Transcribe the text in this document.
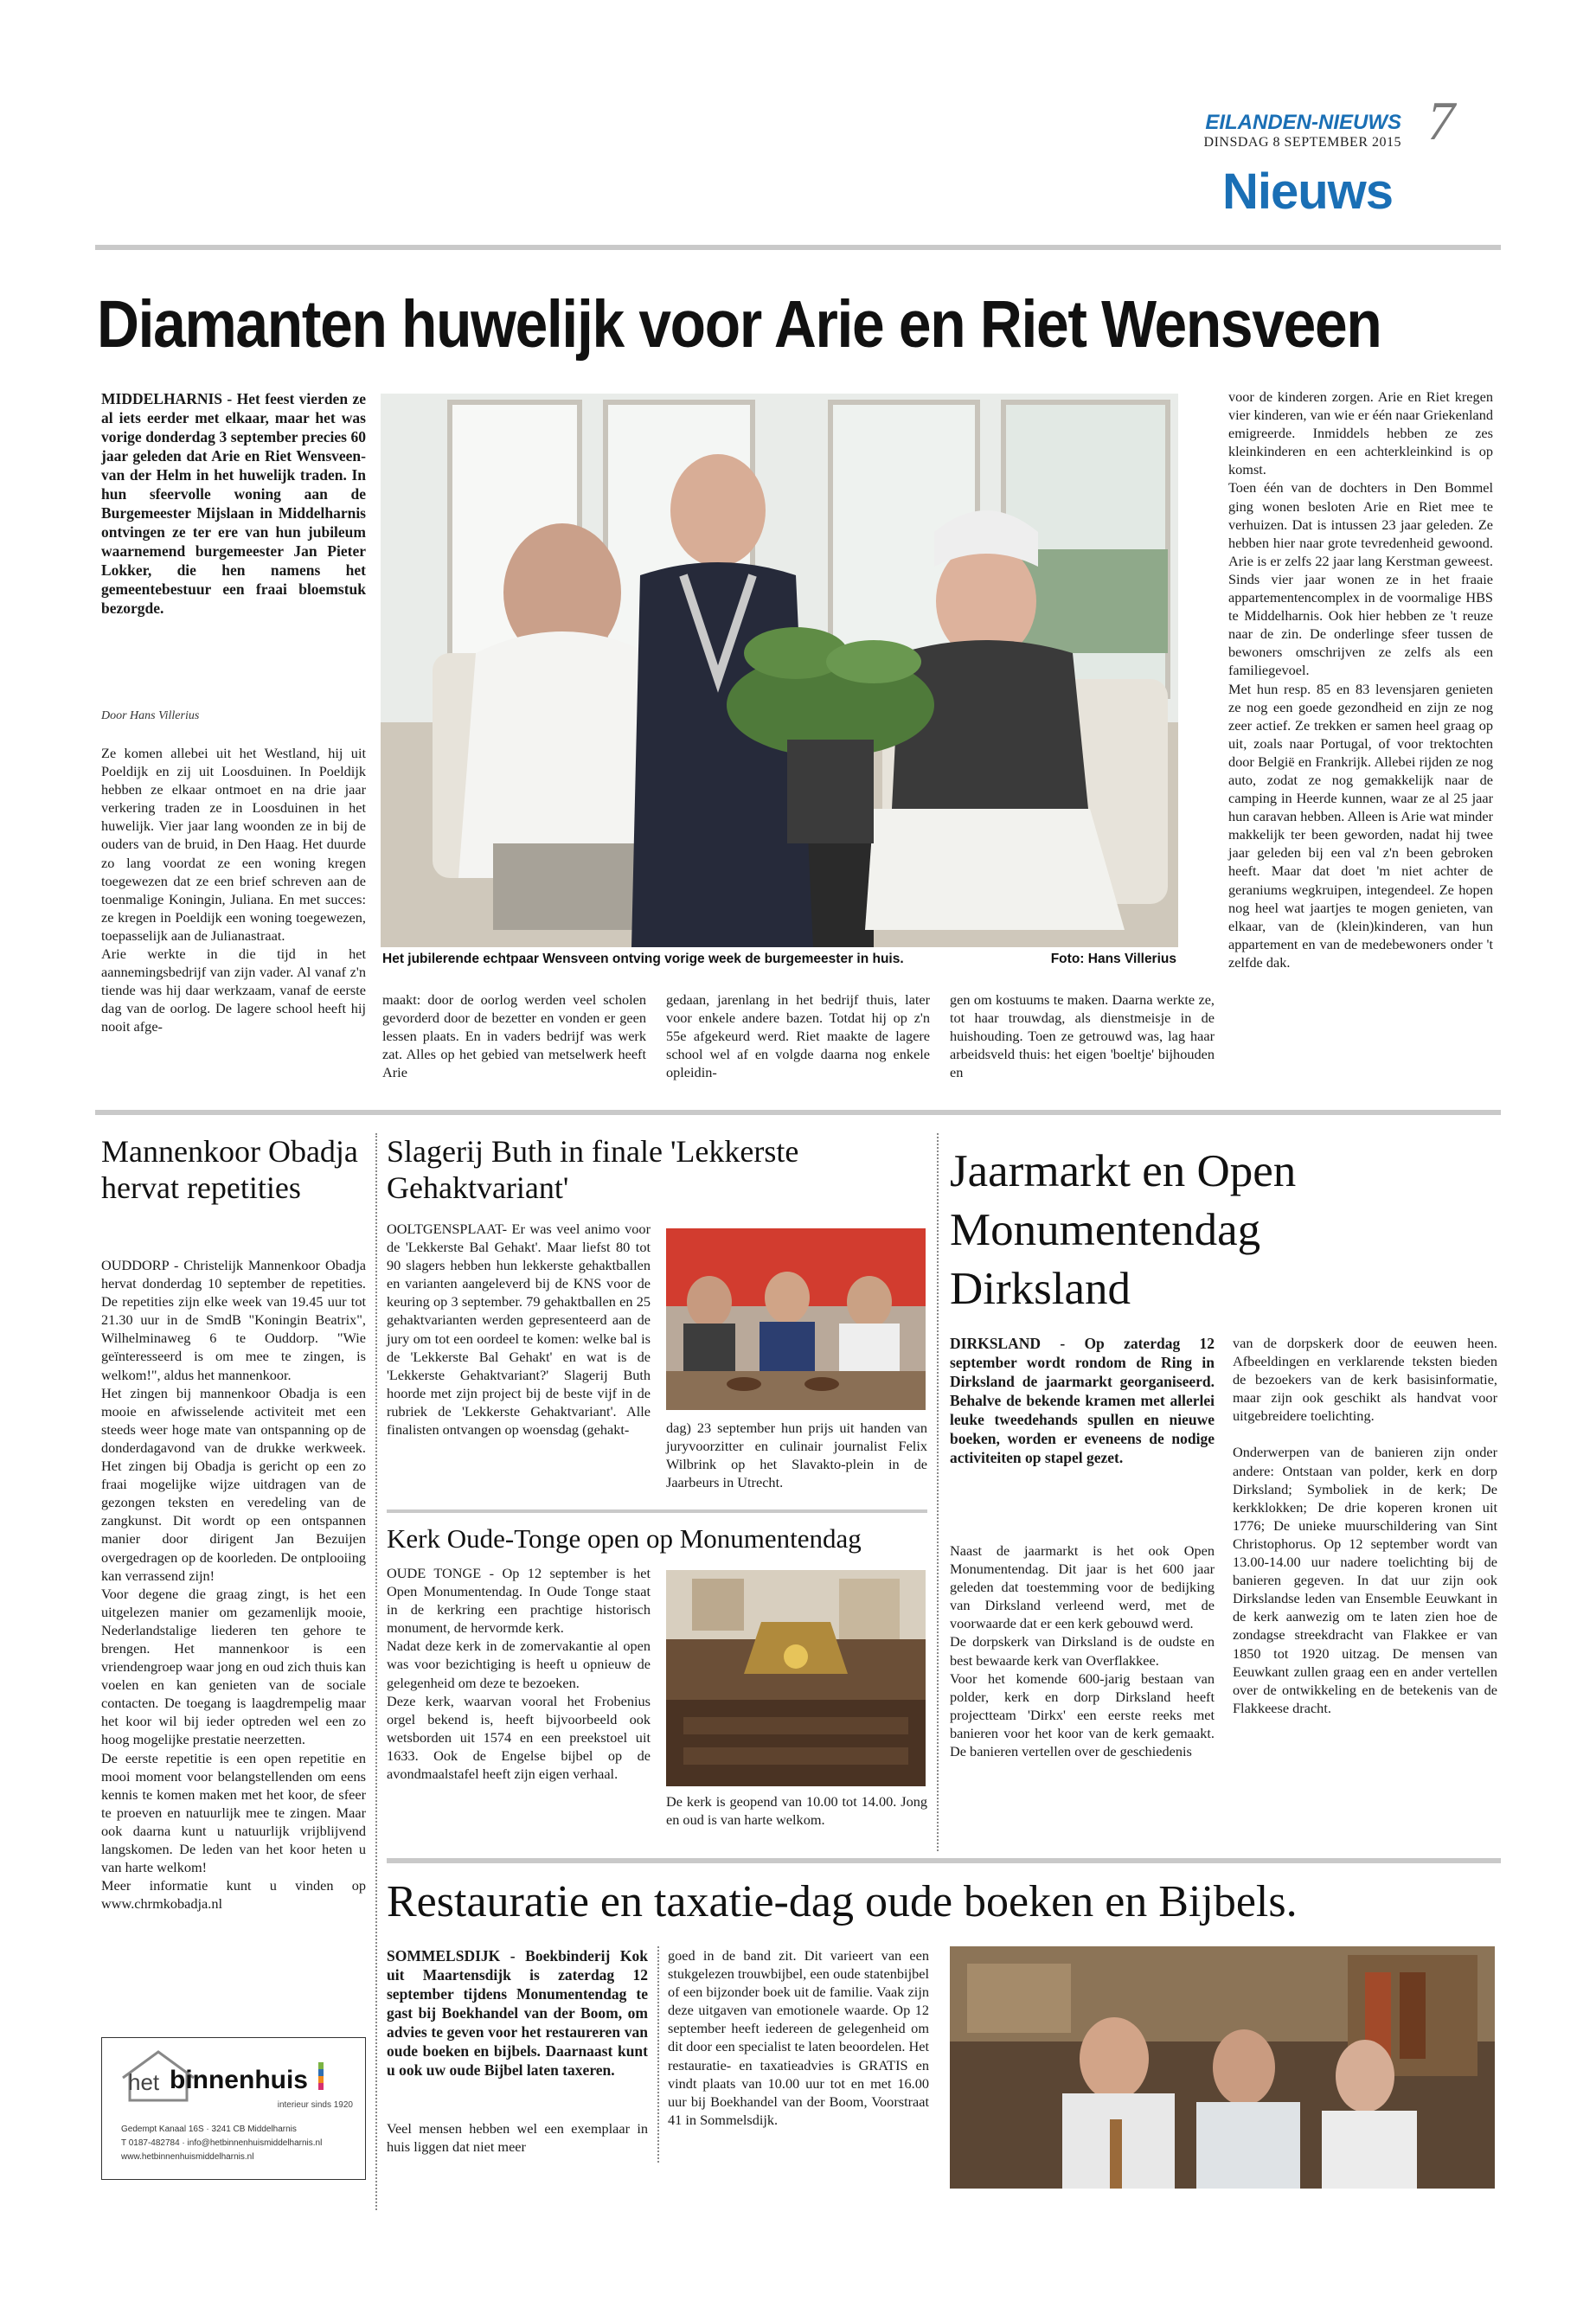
EILANDEN-NIEUWS
DINSDAG 8 SEPTEMBER 2015 7
Nieuws
Diamanten huwelijk voor Arie en Riet Wensveen
MIDDELHARNIS - Het feest vierden ze al iets eerder met elkaar, maar het was vorige donderdag 3 september precies 60 jaar geleden dat Arie en Riet Wensveen-van der Helm in het huwelijk traden. In hun sfeervolle woning aan de Burgemeester Mijslaan in Middelharnis ontvingen ze ter ere van hun jubileum waarnemend burgemeester Jan Pieter Lokker, die hen namens het gemeentebestuur een fraai bloemstuk bezorgde.
Door Hans Villerius

Ze komen allebei uit het Westland, hij uit Poeldijk en zij uit Loosduinen. In Poeldijk hebben ze elkaar ontmoet en na drie jaar verkering traden ze in Loosduinen in het huwelijk. Vier jaar lang woonden ze in bij de ouders van de bruid, in Den Haag. Het duurde zo lang voordat ze een woning kregen toegewezen dat ze een brief schreven aan de toenmalige Koningin, Juliana. En met succes: ze kregen in Poeldijk een woning toegewezen, toepasselijk aan de Julianastraat.

Arie werkte in die tijd in het aannemingsbedrijf van zijn vader. Al vanaf z'n tiende was hij daar werkzaam, vanaf de eerste dag van de oorlog. De lagere school heeft hij nooit afge-

Het jubilerende echtpaar Wensveen ontving vorige week de burgemeester in huis.	Foto: Hans Villerius
maakt: door de oorlog werden veel scholen gevorderd door de bezetter en vonden er geen lessen plaats. En in vaders bedrijf was werk zat. Alles op het gebied van metselwerk heeft Arie
gedaan, jarenlang in het bedrijf thuis, later voor enkele andere bazen. Totdat hij op z'n 55e afgekeurd werd. Riet maakte de lagere school wel af en volgde daarna nog enkele opleidin-
gen om kostuums te maken. Daarna werkte ze, tot haar trouwdag, als dienstmeisje in de huishouding. Toen ze getrouwd was, lag haar arbeidsveld thuis: het eigen 'boeltje' bijhouden en

voor de kinderen zorgen. Arie en Riet kregen vier kinderen, van wie er één naar Griekenland emigreerde. Inmiddels hebben ze zes kleinkinderen en een achterkleinkind is op komst.

Toen één van de dochters in Den Bommel ging wonen besloten Arie en Riet mee te verhuizen. Dat is intussen 23 jaar geleden. Ze hebben hier naar grote tevredenheid gewoond. Arie is er zelfs 22 jaar lang Kerstman geweest. Sinds vier jaar wonen ze in het fraaie appartementencomplex in de voormalige HBS te Middelharnis. Ook hier hebben ze 't reuze naar de zin. De onderlinge sfeer tussen de bewoners omschrijven ze zelfs als een familiegevoel.

Met hun resp. 85 en 83 levensjaren genieten ze nog een goede gezondheid en zijn ze nog zeer actief. Ze trekken er samen heel graag op uit, zoals naar Portugal, of voor trektochten door België en Frankrijk. Allebei rijden ze nog auto, zodat ze nog gemakkelijk naar de camping in Heerde kunnen, waar ze al 25 jaar hun caravan hebben. Alleen is Arie wat minder makkelijk ter been geworden, nadat hij twee jaar geleden bij een val z'n been gebroken heeft. Maar dat doet 'm niet achter de geraniums wegkruipen, integendeel. Ze hopen nog heel wat jaartjes te mogen genieten, van elkaar, van de (klein)kinderen, van hun appartement en van de medebewoners onder 't zelfde dak.

Mannenkoor Obadja hervat repetities

OUDDORP - Christelijk Mannenkoor Obadja hervat donderdag 10 september de repetities. De repetities zijn elke week van 19.45 uur tot 21.30 uur in de SmdB "Koningin Beatrix", Wilhelminaweg 6 te Ouddorp. "Wie geïnteresseerd is om mee te zingen, is welkom!", aldus het mannenkoor.

Het zingen bij mannenkoor Obadja is een mooie en afwisselende activiteit met een steeds weer hoge mate van ontspanning op de donderdagavond van de drukke werkweek. Het zingen bij Obadja is gericht op een zo fraai mogelijke wijze uitdragen van de gezongen teksten en veredeling van de zangkunst. Dit wordt op een ontspannen manier door dirigent Jan Bezuijen overgedragen op de koorleden. De ontplooiing kan verrassend zijn!

Voor degene die graag zingt, is het een uitgelezen manier om gezamenlijk mooie, Nederlandstalige liederen ten gehore te brengen. Het mannenkoor is een vriendengroep waar jong en oud zich thuis kan voelen en kan genieten van de sociale contacten. De toegang is laagdrempelig maar het koor wil bij ieder optreden wel een zo hoog mogelijke prestatie neerzetten.

De eerste repetitie is een open repetitie en mooi moment voor belangstellenden om eens kennis te komen maken met het koor, de sfeer te proeven en natuurlijk mee te zingen. Maar ook daarna kunt u natuurlijk vrijblijvend langskomen. De leden van het koor heten u van harte welkom!

Meer informatie kunt u vinden op www.chrmkobadja.nl

het binnenhuis
interieur sinds 1920
Gedempt Kanaal 16S · 3241 CB Middelharnis
T 0187-482784 · info@hetbinnenhuismiddelharnis.nl
www.hetbinnenhuismiddelharnis.nl
Slagerij Buth in finale 'Lekkerste Gehaktvariant'
OOLTGENSPLAAT- Er was veel animo voor de 'Lekkerste Bal Gehakt'. Maar liefst 80 tot 90 slagers hebben hun lekkerste gehaktballen en varianten aangeleverd bij de KNS voor de keuring op 3 september. 79 gehaktballen en 25 gehaktvarianten werden gepresenteerd aan de jury om tot een oordeel te komen: welke bal is de 'Lekkerste Bal Gehakt' en wat is de 'Lekkerste Gehaktvariant?' Slagerij Buth hoorde met zijn project bij de beste vijf in de rubriek de 'Lekkerste Gehaktvariant'. Alle finalisten ontvangen op woensdag (gehakt-	dag) 23 september hun prijs uit handen van juryvoorzitter en culinair journalist Felix Wilbrink op het Slavakto-plein in de Jaarbeurs in Utrecht.
Kerk Oude-Tonge open op Monumentendag

OUDE TONGE - Op 12 september is het Open Monumentendag. In Oude Tonge staat in de kerkring een prachtige historisch monument, de hervormde kerk.

Nadat deze kerk in de zomervakantie al open was voor bezichtiging is heeft u opnieuw de gelegenheid om deze te bezoeken.

Deze kerk, waarvan vooral het Frobenius orgel bekend is, heeft bijvoorbeeld ook wetsborden uit 1574 en een preekstoel uit 1633. Ook de Engelse bijbel op de avondmaalstafel heeft zijn eigen verhaal.

De kerk is geopend van 10.00 tot 14.00. Jong en oud is van harte welkom.
Jaarmarkt en Open Monumentendag Dirksland
DIRKSLAND - Op zaterdag 12 september wordt rondom de Ring in Dirksland de jaarmarkt georganiseerd. Behalve de bekende kramen met allerlei leuke tweedehands spullen en nieuwe boeken, worden er eveneens de nodige activiteiten op stapel gezet.

Naast de jaarmarkt is het ook Open Monumentendag. Dit jaar is het 600 jaar geleden dat toestemming voor de bedijking van Dirksland verleend werd, met de voorwaarde dat er een kerk gebouwd werd.

De dorpskerk van Dirksland is de oudste en best bewaarde kerk van Overflakkee.

Voor het komende 600-jarig bestaan van polder, kerk en dorp Dirksland heeft projectteam 'Dirkx' een eerste reeks met banieren voor het koor van de kerk gemaakt. De banieren vertellen over de geschiedenis

van de dorpskerk door de eeuwen heen. Afbeeldingen en verklarende teksten bieden de bezoekers van de kerk basisinformatie, maar zijn ook geschikt als handvat voor uitgebreidere toelichting.

Onderwerpen van de banieren zijn onder andere: Ontstaan van polder, kerk en dorp Dirksland; Symboliek in de kerk; De kerkklokken; De drie koperen kronen uit 1776; De unieke muurschildering van Sint Christophorus. Op 12 september wordt van 13.00-14.00 uur nadere toelichting bij de banieren gegeven. In dat uur zijn ook Dirkslandse leden van Ensemble Eeuwkant in de kerk aanwezig om te laten zien hoe de zondagse streekdracht van Flakkee er van 1850 tot 1920 uitzag. De mensen van Eeuwkant zullen graag een en ander vertellen over de ontwikkeling en de betekenis van de Flakkeese dracht.

Restauratie en taxatie-dag oude boeken en Bijbels.
SOMMELSDIJK - Boekbinderij Kok uit Maartensdijk is zaterdag 12 september tijdens Monumentendag te gast bij Boekhandel van der Boom, om advies te geven voor het restaureren van oude boeken en bijbels. Daarnaast kunt u ook uw oude Bijbel laten taxeren.
Veel mensen hebben wel een exemplaar in huis liggen dat niet meer
goed in de band zit. Dit varieert van een stukgelezen trouwbijbel, een oude statenbijbel of een bijzonder boek uit de familie. Vaak zijn deze uitgaven van emotionele waarde. Op 12 september heeft iedereen de gelegenheid om dit door een specialist te laten beoordelen. Het restauratie- en taxatieadvies is GRATIS en vindt plaats van 10.00 uur tot en met 16.00 uur bij Boekhandel van der Boom, Voorstraat 41 in Sommelsdijk.
